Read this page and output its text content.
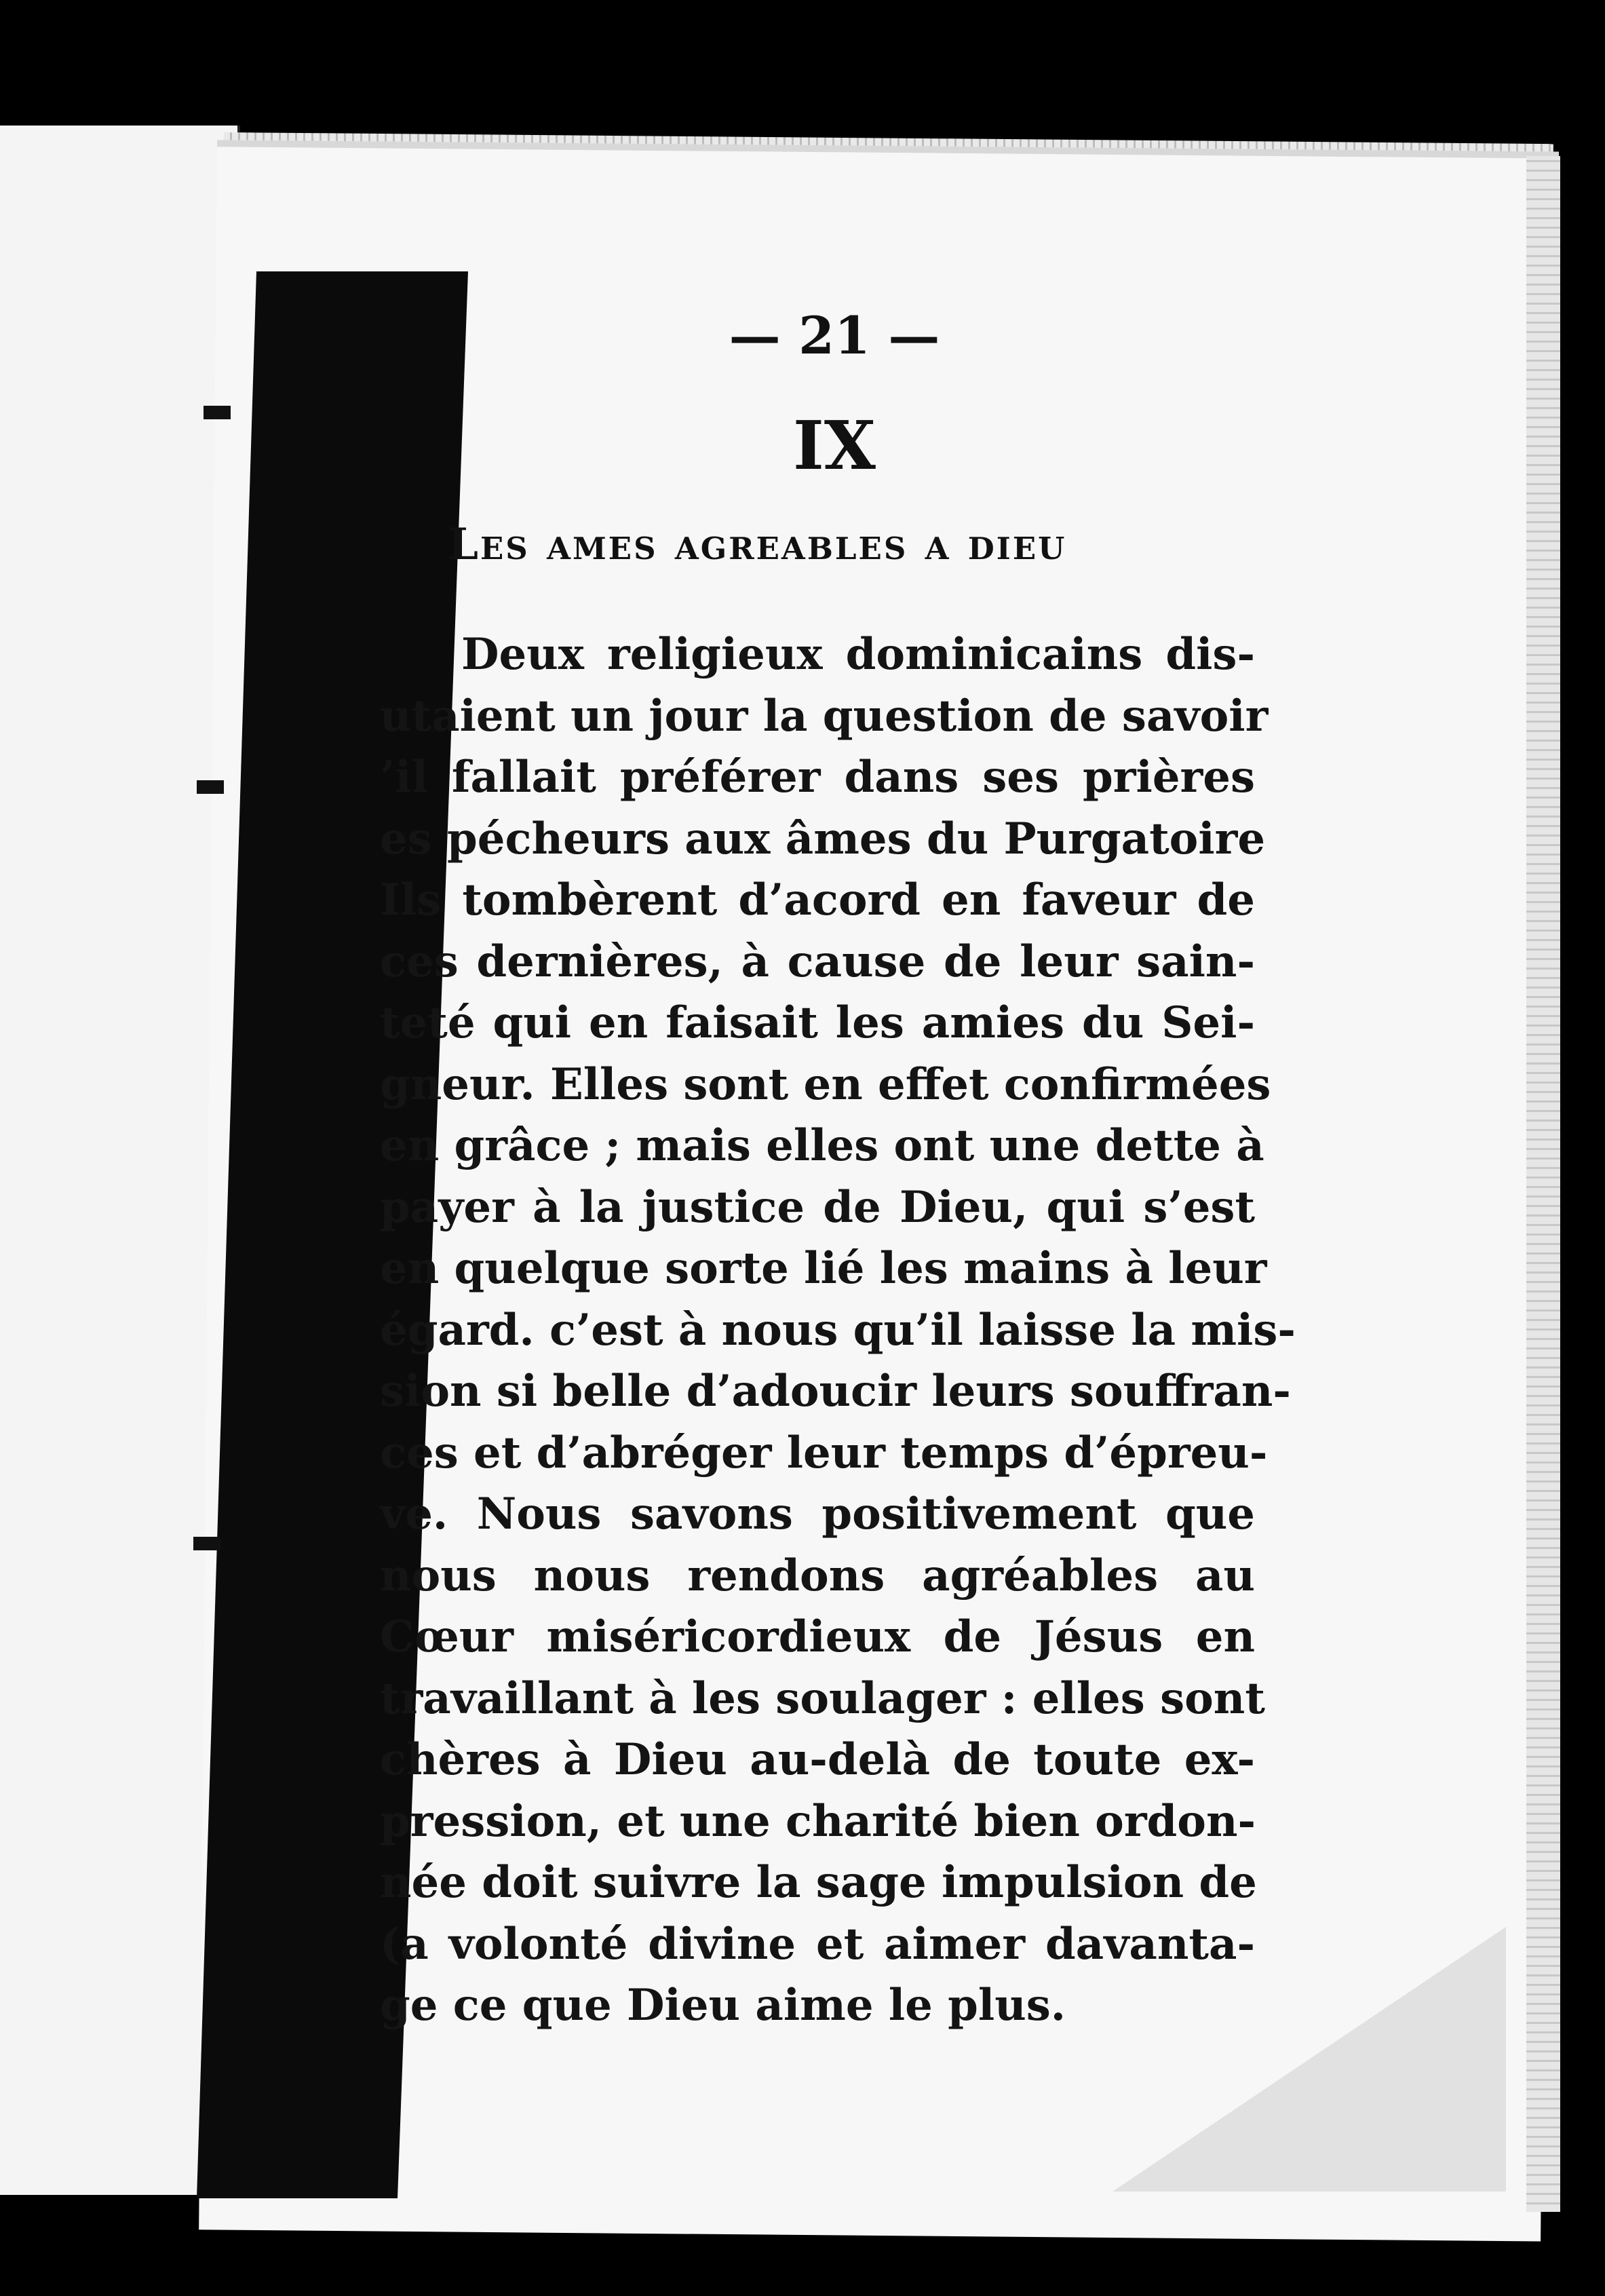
— 21 —
IX
Les ames agreables a dieu
Deux religieux dominicains dis-
utaient un jour la question de savoir
’il fallait préférer dans ses prières
es pécheurs aux âmes du Purgatoire
Ils tombèrent d’acord en faveur de
ces dernières, à cause de leur sain-
teté qui en faisait les amies du Sei-
gneur. Elles sont en effet confirmées
en grâce ; mais elles ont une dette à
payer à la justice de Dieu, qui s’est
en quelque sorte lié les mains à leur
égard. c’est à nous qu’il laisse la mis-
sion si belle d’adoucir leurs souffran-
ces et d’abréger leur temps d’épreu-
ve. Nous savons positivement que
nous nous rendons agréables au
Cœur miséricordieux de Jésus en
travaillant à les soulager : elles sont
chères à Dieu au-delà de toute ex-
pression, et une charité bien ordon-
née doit suivre la sage impulsion de
(a volonté divine et aimer davanta-
ge ce que Dieu aime le plus.
